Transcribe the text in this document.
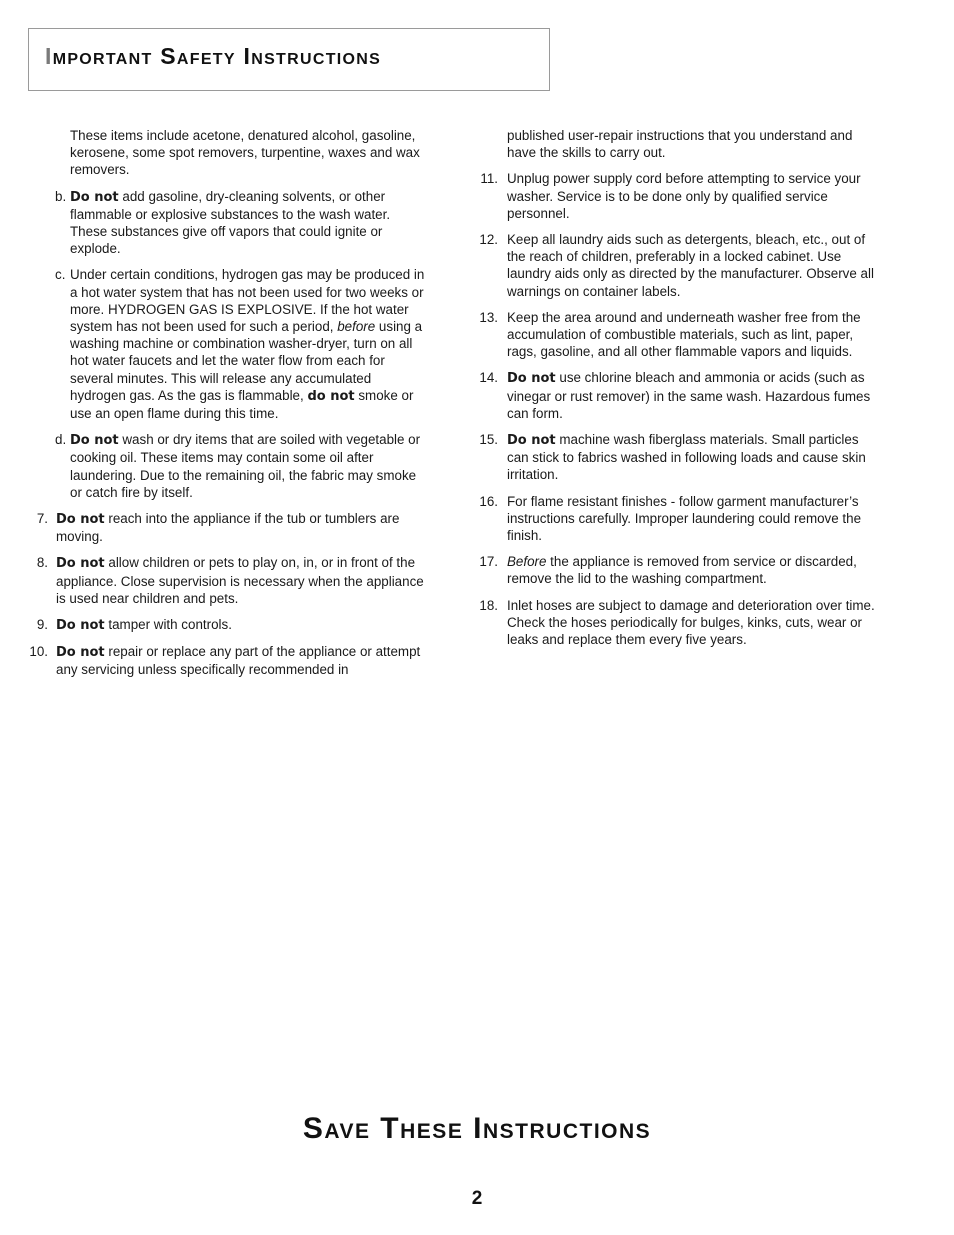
Important Safety Instructions
These items include acetone, denatured alcohol, gasoline, kerosene, some spot removers, turpentine, waxes and wax removers.
b. Do not add gasoline, dry-cleaning solvents, or other flammable or explosive substances to the wash water. These substances give off vapors that could ignite or explode.
c. Under certain conditions, hydrogen gas may be produced in a hot water system that has not been used for two weeks or more. HYDROGEN GAS IS EXPLOSIVE. If the hot water system has not been used for such a period, before using a washing machine or combination washer-dryer, turn on all hot water faucets and let the water flow from each for several minutes. This will release any accumulated hydrogen gas. As the gas is flammable, do not smoke or use an open flame during this time.
d. Do not wash or dry items that are soiled with vegetable or cooking oil. These items may contain some oil after laundering. Due to the remaining oil, the fabric may smoke or catch fire by itself.
7. Do not reach into the appliance if the tub or tumblers are moving.
8. Do not allow children or pets to play on, in, or in front of the appliance. Close supervision is necessary when the appliance is used near children and pets.
9. Do not tamper with controls.
10. Do not repair or replace any part of the appliance or attempt any servicing unless specifically recommended in
published user-repair instructions that you understand and have the skills to carry out.
11. Unplug power supply cord before attempting to service your washer. Service is to be done only by qualified service personnel.
12. Keep all laundry aids such as detergents, bleach, etc., out of the reach of children, preferably in a locked cabinet. Use laundry aids only as directed by the manufacturer. Observe all warnings on container labels.
13. Keep the area around and underneath washer free from the accumulation of combustible materials, such as lint, paper, rags, gasoline, and all other flammable vapors and liquids.
14. Do not use chlorine bleach and ammonia or acids (such as vinegar or rust remover) in the same wash. Hazardous fumes can form.
15. Do not machine wash fiberglass materials. Small particles can stick to fabrics washed in following loads and cause skin irritation.
16. For flame resistant finishes - follow garment manufacturer’s instructions carefully. Improper laundering could remove the finish.
17. Before the appliance is removed from service or discarded, remove the lid to the washing compartment.
18. Inlet hoses are subject to damage and deterioration over time. Check the hoses periodically for bulges, kinks, cuts, wear or leaks and replace them every five years.
Save These Instructions
2
